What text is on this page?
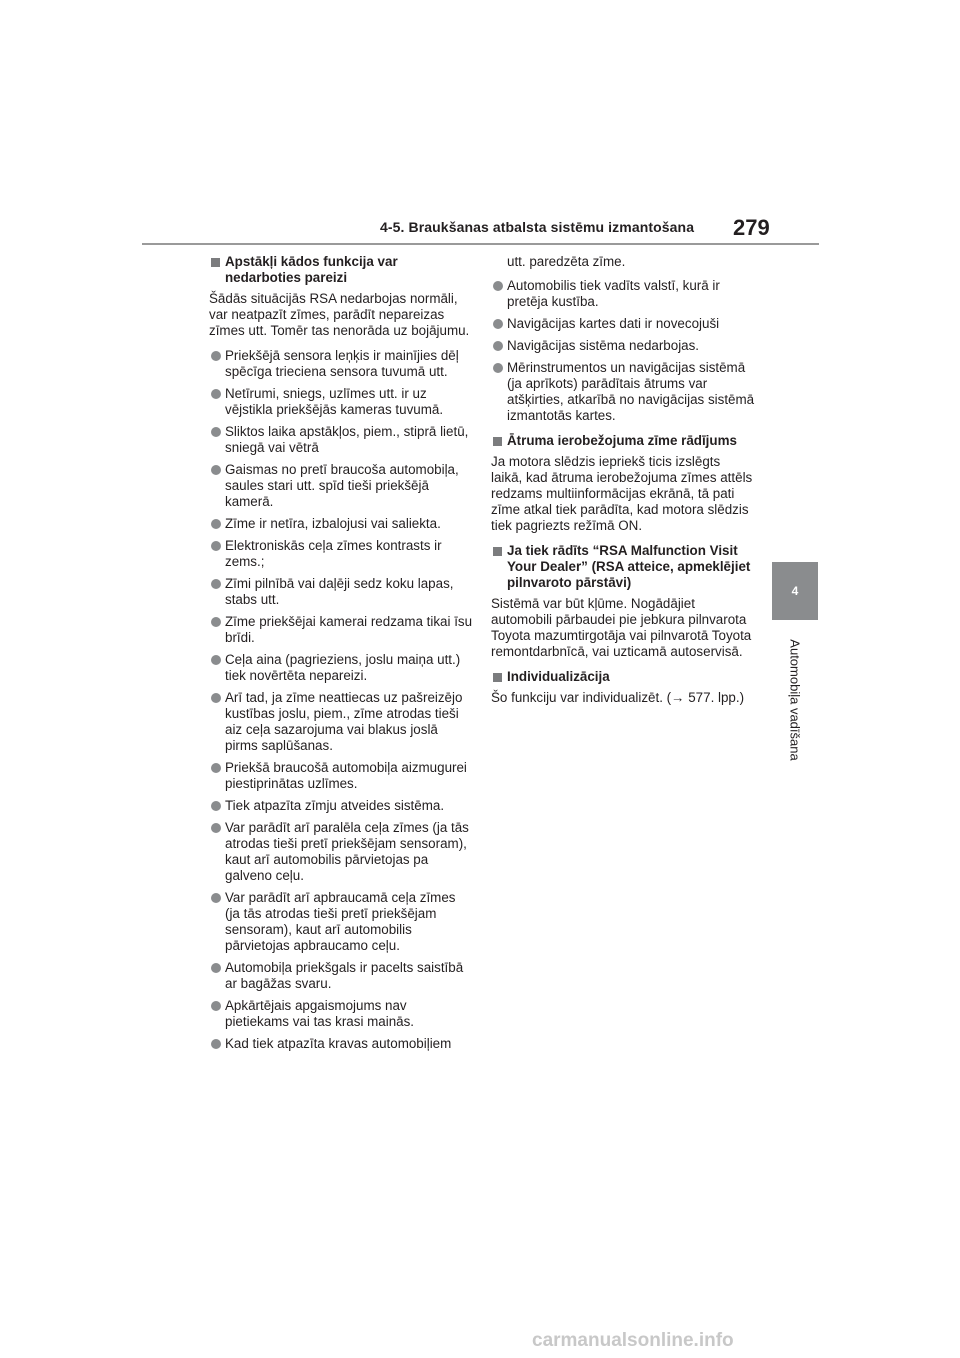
4-5. Braukšanas atbalsta sistēmu izmantošana 279
4
Automobiļa vadīšana
Apstākļi kādos funkcija var nedarboties pareizi
Šādās situācijās RSA nedarbojas normāli, var neatpazīt zīmes, parādīt nepareizas zīmes utt. Tomēr tas nenorāda uz bojājumu.
Priekšējā sensora leņķis ir mainījies dēļ spēcīga trieciena sensora tuvumā utt.
Netīrumi, sniegs, uzlīmes utt. ir uz vējstikla priekšējās kameras tuvumā.
Sliktos laika apstākļos, piem., stiprā lietū, sniegā vai vētrā
Gaismas no pretī braucoša automobiļa, saules stari utt. spīd tieši priekšējā kamerā.
Zīme ir netīra, izbalojusi vai saliekta.
Elektroniskās ceļa zīmes kontrasts ir zems.;
Zīmi pilnībā vai daļēji sedz koku lapas, stabs utt.
Zīme priekšējai kamerai redzama tikai īsu brīdi.
Ceļa aina (pagrieziens, joslu maiņa utt.) tiek novērtēta nepareizi.
Arī tad, ja zīme neattiecas uz pašreizējo kustības joslu, piem., zīme atrodas tieši aiz ceļa sazarojuma vai blakus joslā pirms saplūšanas.
Priekšā braucošā automobiļa aizmugurei piestiprinātas uzlīmes.
Tiek atpazīta zīmju atveides sistēma.
Var parādīt arī paralēla ceļa zīmes (ja tās atrodas tieši pretī priekšējam sensoram), kaut arī automobilis pārvietojas pa galveno ceļu.
Var parādīt arī apbraucamā ceļa zīmes (ja tās atrodas tieši pretī priekšējam sensoram), kaut arī automobilis pārvietojas apbraucamo ceļu.
Automobiļa priekšgals ir pacelts saistībā ar bagāžas svaru.
Apkārtējais apgaismojums nav pietiekams vai tas krasi mainās.
Kad tiek atpazīta kravas automobiļiem
utt. paredzēta zīme.
Automobilis tiek vadīts valstī, kurā ir pretēja kustība.
Navigācijas kartes dati ir novecojuši
Navigācijas sistēma nedarbojas.
Mērinstrumentos un navigācijas sistēmā (ja aprīkots) parādītais ātrums var atšķirties, atkarībā no navigācijas sistēmā izmantotās kartes.
Ātruma ierobežojuma zīme rādījums
Ja motora slēdzis iepriekš ticis izslēgts laikā, kad ātruma ierobežojuma zīmes attēls redzams multiinformācijas ekrānā, tā pati zīme atkal tiek parādīta, kad motora slēdzis tiek pagriezts režīmā ON.
Ja tiek rādīts “RSA Malfunction Visit Your Dealer” (RSA atteice, apmeklējiet pilnvaroto pārstāvi)
Sistēmā var būt kļūme. Nogādājiet automobili pārbaudei pie jebkura pilnvarota Toyota mazumtirgotāja vai pilnvarotā Toyota remontdarbnīcā, vai uzticamā autoservisā.
Individualizācija
Šo funkciju var individualizēt. (→ 577. lpp.)
carmanualsonline.info
